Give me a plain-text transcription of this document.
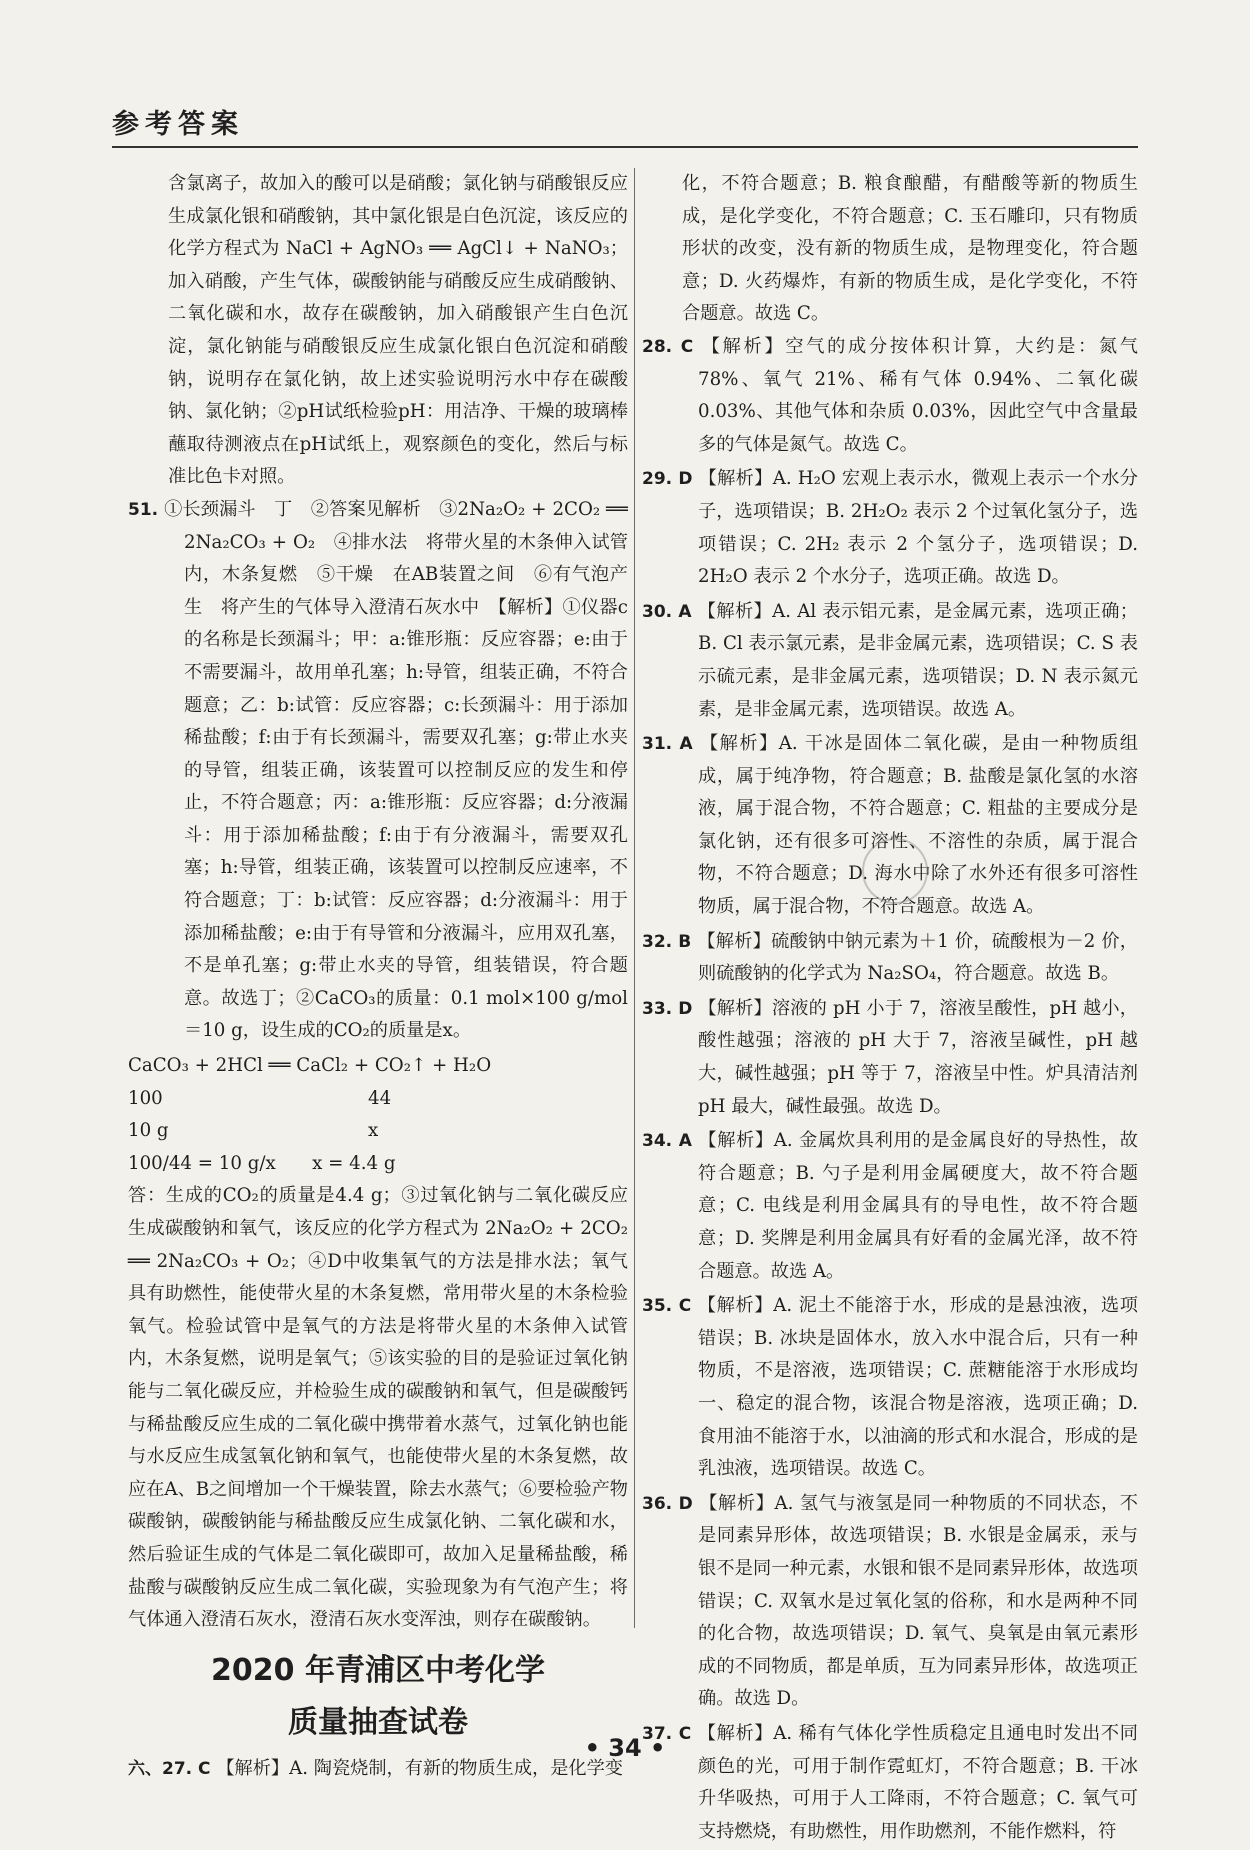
参考答案

含氯离子，故加入的酸可以是硝酸；氯化钠与硝酸银反应生成氯化银和硝酸钠，其中氯化银是白色沉淀，该反应的化学方程式为 NaCl + AgNO₃ ══ AgCl↓ + NaNO₃；加入硝酸，产生气体，碳酸钠能与硝酸反应生成硝酸钠、二氧化碳和水，故存在碳酸钠，加入硝酸银产生白色沉淀，氯化钠能与硝酸银反应生成氯化银白色沉淀和硝酸钠，说明存在氯化钠，故上述实验说明污水中存在碳酸钠、氯化钠；②pH试纸检验pH：用洁净、干燥的玻璃棒蘸取待测液点在pH试纸上，观察颜色的变化，然后与标准比色卡对照。

51. ①长颈漏斗　丁　②答案见解析　③2Na₂O₂ + 2CO₂ ══ 2Na₂CO₃ + O₂　④排水法　将带火星的木条伸入试管内，木条复燃　⑤干燥　在AB装置之间　⑥有气泡产生　将产生的气体导入澄清石灰水中　【解析】①仪器c的名称是长颈漏斗；甲：a:锥形瓶：反应容器；e:由于不需要漏斗，故用单孔塞；h:导管，组装正确，不符合题意；乙：b:试管：反应容器；c:长颈漏斗：用于添加稀盐酸；f:由于有长颈漏斗，需要双孔塞；g:带止水夹的导管，组装正确，该装置可以控制反应的发生和停止，不符合题意；丙：a:锥形瓶：反应容器；d:分液漏斗：用于添加稀盐酸；f:由于有分液漏斗，需要双孔塞；h:导管，组装正确，该装置可以控制反应速率，不符合题意；丁：b:试管：反应容器；d:分液漏斗：用于添加稀盐酸；e:由于有导管和分液漏斗，应用双孔塞，不是单孔塞；g:带止水夹的导管，组装错误，符合题意。故选丁；②CaCO₃的质量：0.1 mol×100 g/mol＝10 g，设生成的CO₂的质量是x。

CaCO₃ + 2HCl ══ CaCl₂ + CO₂↑ + H₂O

100	44

10 g	x

100/44 = 10 g/x　　x = 4.4 g

答：生成的CO₂的质量是4.4 g；③过氧化钠与二氧化碳反应生成碳酸钠和氧气，该反应的化学方程式为 2Na₂O₂ + 2CO₂ ══ 2Na₂CO₃ + O₂；④D中收集氧气的方法是排水法；氧气具有助燃性，能使带火星的木条复燃，常用带火星的木条检验氧气。检验试管中是氧气的方法是将带火星的木条伸入试管内，木条复燃，说明是氧气；⑤该实验的目的是验证过氧化钠能与二氧化碳反应，并检验生成的碳酸钠和氧气，但是碳酸钙与稀盐酸反应生成的二氧化碳中携带着水蒸气，过氧化钠也能与水反应生成氢氧化钠和氧气，也能使带火星的木条复燃，故应在A、B之间增加一个干燥装置，除去水蒸气；⑥要检验产物碳酸钠，碳酸钠能与稀盐酸反应生成氯化钠、二氧化碳和水，然后验证生成的气体是二氧化碳即可，故加入足量稀盐酸，稀盐酸与碳酸钠反应生成二氧化碳，实验现象为有气泡产生；将气体通入澄清石灰水，澄清石灰水变浑浊，则存在碳酸钠。

2020 年青浦区中考化学
质量抽查试卷

六、27. C 【解析】A. 陶瓷烧制，有新的物质生成，是化学变

化，不符合题意；B. 粮食酿醋，有醋酸等新的物质生成，是化学变化，不符合题意；C. 玉石雕印，只有物质形状的改变，没有新的物质生成，是物理变化，符合题意；D. 火药爆炸，有新的物质生成，是化学变化，不符合题意。故选 C。

28. C 【解析】空气的成分按体积计算，大约是：氮气 78%、氧气 21%、稀有气体 0.94%、二氧化碳 0.03%、其他气体和杂质 0.03%，因此空气中含量最多的气体是氮气。故选 C。

29. D 【解析】A. H₂O 宏观上表示水，微观上表示一个水分子，选项错误；B. 2H₂O₂ 表示 2 个过氧化氢分子，选项错误；C. 2H₂ 表示 2 个氢分子，选项错误；D. 2H₂O 表示 2 个水分子，选项正确。故选 D。

30. A 【解析】A. Al 表示铝元素，是金属元素，选项正确；B. Cl 表示氯元素，是非金属元素，选项错误；C. S 表示硫元素，是非金属元素，选项错误；D. N 表示氮元素，是非金属元素，选项错误。故选 A。

31. A 【解析】A. 干冰是固体二氧化碳，是由一种物质组成，属于纯净物，符合题意；B. 盐酸是氯化氢的水溶液，属于混合物，不符合题意；C. 粗盐的主要成分是氯化钠，还有很多可溶性、不溶性的杂质，属于混合物，不符合题意；D. 海水中除了水外还有很多可溶性物质，属于混合物，不符合题意。故选 A。

32. B 【解析】硫酸钠中钠元素为＋1 价，硫酸根为－2 价，则硫酸钠的化学式为 Na₂SO₄，符合题意。故选 B。

33. D 【解析】溶液的 pH 小于 7，溶液呈酸性，pH 越小，酸性越强；溶液的 pH 大于 7，溶液呈碱性，pH 越大，碱性越强；pH 等于 7，溶液呈中性。炉具清洁剂 pH 最大，碱性最强。故选 D。

34. A 【解析】A. 金属炊具利用的是金属良好的导热性，故符合题意；B. 勺子是利用金属硬度大，故不符合题意；C. 电线是利用金属具有的导电性，故不符合题意；D. 奖牌是利用金属具有好看的金属光泽，故不符合题意。故选 A。

35. C 【解析】A. 泥土不能溶于水，形成的是悬浊液，选项错误；B. 冰块是固体水，放入水中混合后，只有一种物质，不是溶液，选项错误；C. 蔗糖能溶于水形成均一、稳定的混合物，该混合物是溶液，选项正确；D. 食用油不能溶于水，以油滴的形式和水混合，形成的是乳浊液，选项错误。故选 C。

36. D 【解析】A. 氢气与液氢是同一种物质的不同状态，不是同素异形体，故选项错误；B. 水银是金属汞，汞与银不是同一种元素，水银和银不是同素异形体，故选项错误；C. 双氧水是过氧化氢的俗称，和水是两种不同的化合物，故选项错误；D. 氧气、臭氧是由氧元素形成的不同物质，都是单质，互为同素异形体，故选项正确。故选 D。

37. C 【解析】A. 稀有气体化学性质稳定且通电时发出不同颜色的光，可用于制作霓虹灯，不符合题意；B. 干冰升华吸热，可用于人工降雨，不符合题意；C. 氧气可支持燃烧，有助燃性，用作助燃剂，不能作燃料，符

• 34 •
